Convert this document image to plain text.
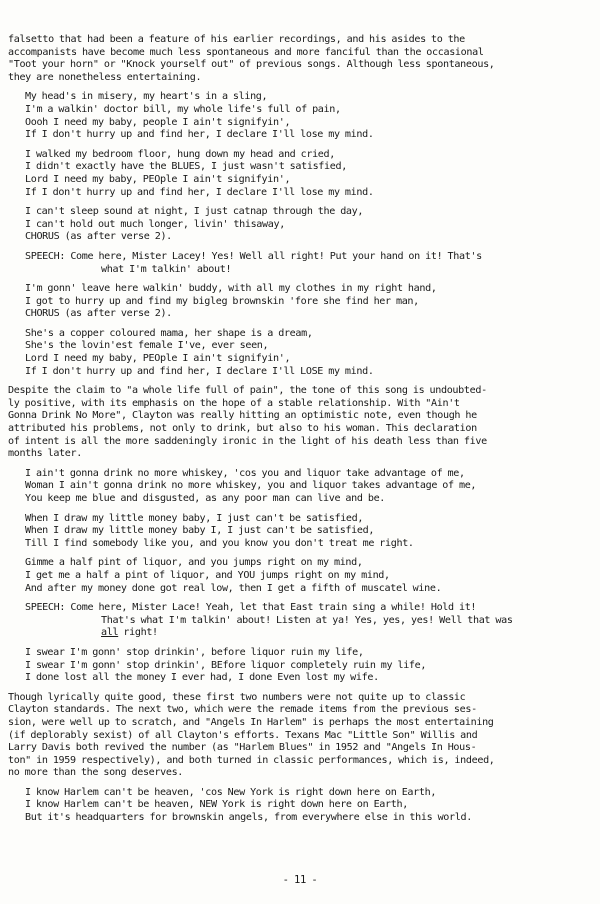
falsetto that had been a feature of his earlier recordings, and his asides to the
accompanists have become much less spontaneous and more fanciful than the occasional
"Toot your horn" or "Knock yourself out" of previous songs. Although less spontaneous,
they are nonetheless entertaining.
My head's in misery, my heart's in a sling,
I'm a walkin' doctor bill, my whole life's full of pain,
Oooh I need my baby, people I ain't signifyin',
If I don't hurry up and find her, I declare I'll lose my mind.
I walked my bedroom floor, hung down my head and cried,
I didn't exactly have the BLUES, I just wasn't satisfied,
Lord I need my baby, PEOple I ain't signifyin',
If I don't hurry up and find her, I declare I'll lose my mind.
I can't sleep sound at night, I just catnap through the day,
I can't hold out much longer, livin' thisaway,
CHORUS (as after verse 2).
SPEECH: Come here, Mister Lacey! Yes! Well all right! Put your hand on it! That's
what I'm talkin' about!
I'm gonn' leave here walkin' buddy, with all my clothes in my right hand,
I got to hurry up and find my bigleg brownskin 'fore she find her man,
CHORUS (as after verse 2).
She's a copper coloured mama, her shape is a dream,
She's the lovin'est female I've, ever seen,
Lord I need my baby, PEOple I ain't signifyin',
If I don't hurry up and find her, I declare I'll LOSE my mind.
Despite the claim to "a whole life full of pain", the tone of this song is undoubted-
ly positive, with its emphasis on the hope of a stable relationship. With "Ain't
Gonna Drink No More", Clayton was really hitting an optimistic note, even though he
attributed his problems, not only to drink, but also to his woman. This declaration
of intent is all the more saddeningly ironic in the light of his death less than five
months later.
I ain't gonna drink no more whiskey, 'cos you and liquor take advantage of me,
Woman I ain't gonna drink no more whiskey, you and liquor takes advantage of me,
You keep me blue and disgusted, as any poor man can live and be.
When I draw my little money baby, I just can't be satisfied,
When I draw my little money baby I, I just can't be satisfied,
Till I find somebody like you, and you know you don't treat me right.
Gimme a half pint of liquor, and you jumps right on my mind,
I get me a half a pint of liquor, and YOU jumps right on my mind,
And after my money done got real low, then I get a fifth of muscatel wine.
SPEECH: Come here, Mister Lace! Yeah, let that East train sing a while! Hold it!
That's what I'm talkin' about! Listen at ya! Yes, yes, yes! Well that was
all right!
I swear I'm gonn' stop drinkin', before liquor ruin my life,
I swear I'm gonn' stop drinkin', BEfore liquor completely ruin my life,
I done lost all the money I ever had, I done Even lost my wife.
Though lyrically quite good, these first two numbers were not quite up to classic
Clayton standards. The next two, which were the remade items from the previous ses-
sion, were well up to scratch, and "Angels In Harlem" is perhaps the most entertaining
(if deplorably sexist) of all Clayton's efforts. Texans Mac "Little Son" Willis and
Larry Davis both revived the number (as "Harlem Blues" in 1952 and "Angels In Hous-
ton" in 1959 respectively), and both turned in classic performances, which is, indeed,
no more than the song deserves.
I know Harlem can't be heaven, 'cos New York is right down here on Earth,
I know Harlem can't be heaven, NEW York is right down here on Earth,
But it's headquarters for brownskin angels, from everywhere else in this world.
- 11 -
